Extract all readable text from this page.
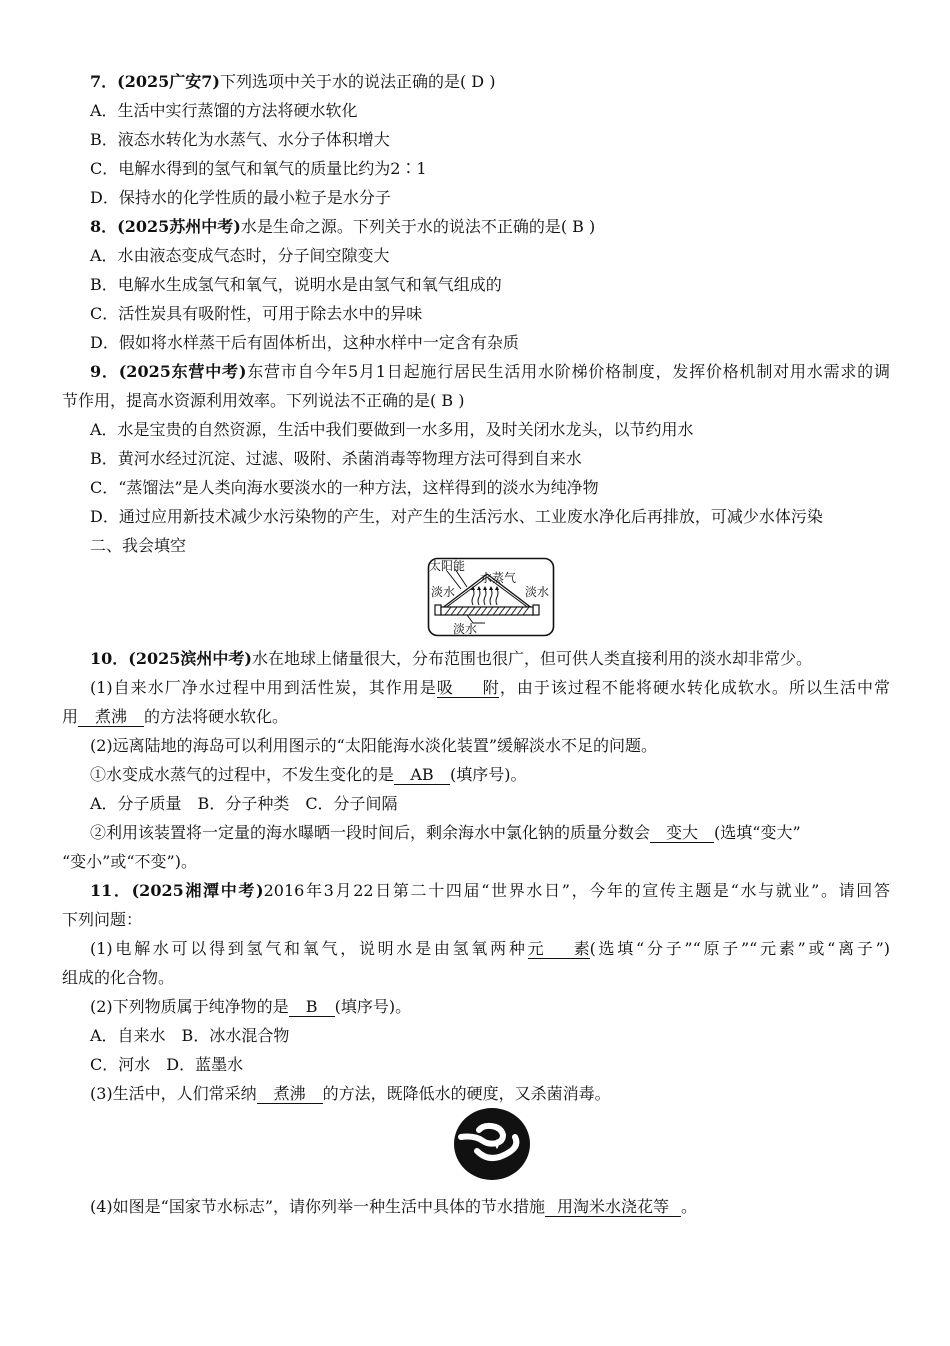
7．(2025广安7)下列选项中关于水的说法正确的是( D )
A．生活中实行蒸馏的方法将硬水软化
B．液态水转化为水蒸气、水分子体积增大
C．电解水得到的氢气和氧气的质量比约为2∶1
D．保持水的化学性质的最小粒子是水分子
8．(2025苏州中考)水是生命之源。下列关于水的说法不正确的是( B )
A．水由液态变成气态时，分子间空隙变大
B．电解水生成氢气和氧气，说明水是由氢气和氧气组成的
C．活性炭具有吸附性，可用于除去水中的异味
D．假如将水样蒸干后有固体析出，这种水样中一定含有杂质
9．(2025东营中考)东营市自今年5月1日起施行居民生活用水阶梯价格制度，发挥价格机制对用水需求的调
节作用，提高水资源利用效率。下列说法不正确的是( B )
A．水是宝贵的自然资源，生活中我们要做到一水多用，及时关闭水龙头，以节约用水
B．黄河水经过沉淀、过滤、吸附、杀菌消毒等物理方法可得到自来水
C．“蒸馏法”是人类向海水要淡水的一种方法，这样得到的淡水为纯净物
D．通过应用新技术减少水污染物的产生，对产生的生活污水、工业废水净化后再排放，可减少水体污染
二、我会填空
太阳能
水蒸气
淡水	淡水
淡水
10．(2025滨州中考)水在地球上储量很大，分布范围也很广，但可供人类直接利用的淡水却非常少。
(1)自来水厂净水过程中用到活性炭，其作用是吸附，由于该过程不能将硬水转化成软水。所以生活中常
用 煮沸 的方法将硬水软化。
(2)远离陆地的海岛可以利用图示的“太阳能海水淡化装置”缓解淡水不足的问题。
①水变成水蒸气的过程中，不发生变化的是 AB (填序号)。
A．分子质量　B．分子种类　C．分子间隔
②利用该装置将一定量的海水曝晒一段时间后，剩余海水中氯化钠的质量分数会 变大 (选填“变大”
“变小”或“不变”)。
11．(2025湘潭中考)2016年3月22日第二十四届“世界水日”，今年的宣传主题是“水与就业”。请回答
下列问题：
(1)电解水可以得到氢气和氧气，说明水是由氢氧两种元素(选填“分子”“原子”“元素”或“离子”)
组成的化合物。
(2)下列物质属于纯净物的是 B (填序号)。
A．自来水　B．冰水混合物
C．河水　D．蓝墨水
(3)生活中，人们常采纳 煮沸 的方法，既降低水的硬度，又杀菌消毒。
(4)如图是“国家节水标志”，请你列举一种生活中具体的节水措施 用淘米水浇花等 。
